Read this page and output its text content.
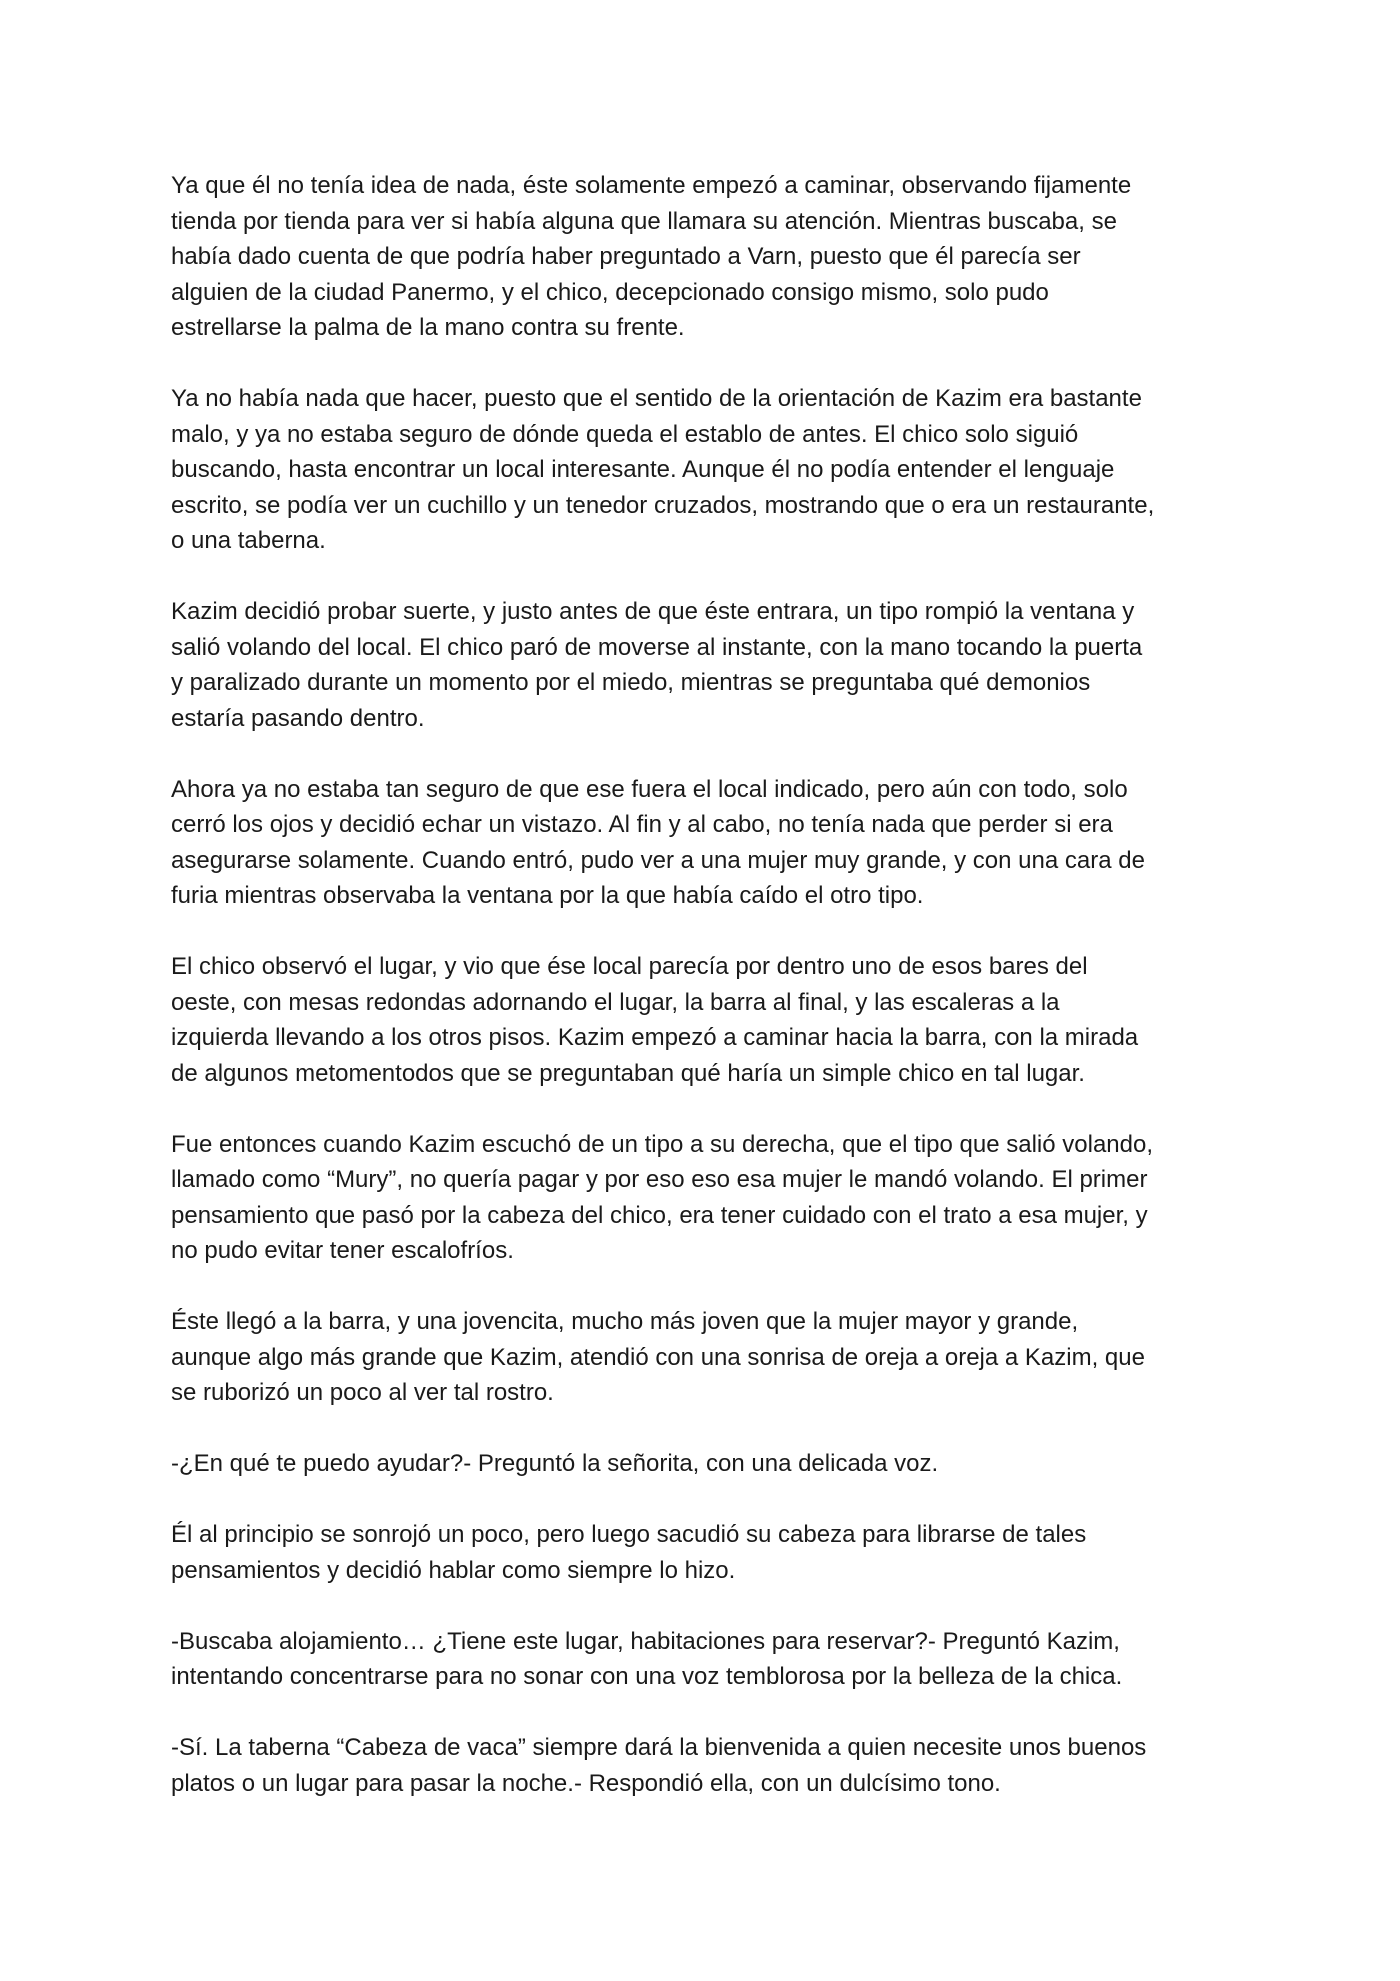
Ya que él no tenía idea de nada, éste solamente empezó a caminar, observando fijamente
tienda por tienda para ver si había alguna que llamara su atención. Mientras buscaba, se
había dado cuenta de que podría haber preguntado a Varn, puesto que él parecía ser
alguien de la ciudad Panermo, y el chico, decepcionado consigo mismo, solo pudo
estrellarse la palma de la mano contra su frente.
Ya no había nada que hacer, puesto que el sentido de la orientación de Kazim era bastante
malo, y ya no estaba seguro de dónde queda el establo de antes. El chico solo siguió
buscando, hasta encontrar un local interesante. Aunque él no podía entender el lenguaje
escrito, se podía ver un cuchillo y un tenedor cruzados, mostrando que o era un restaurante,
o una taberna.
Kazim decidió probar suerte, y justo antes de que éste entrara, un tipo rompió la ventana y
salió volando del local. El chico paró de moverse al instante, con la mano tocando la puerta
y paralizado durante un momento por el miedo, mientras se preguntaba qué demonios
estaría pasando dentro.
Ahora ya no estaba tan seguro de que ese fuera el local indicado, pero aún con todo, solo
cerró los ojos y decidió echar un vistazo. Al fin y al cabo, no tenía nada que perder si era
asegurarse solamente. Cuando entró, pudo ver a una mujer muy grande, y con una cara de
furia mientras observaba la ventana por la que había caído el otro tipo.
El chico observó el lugar, y vio que ése local parecía por dentro uno de esos bares del
oeste, con mesas redondas adornando el lugar, la barra al final, y las escaleras a la
izquierda llevando a los otros pisos. Kazim empezó a caminar hacia la barra, con la mirada
de algunos metomentodos que se preguntaban qué haría un simple chico en tal lugar.
Fue entonces cuando Kazim escuchó de un tipo a su derecha, que el tipo que salió volando,
llamado como “Mury”, no quería pagar y por eso eso esa mujer le mandó volando. El primer
pensamiento que pasó por la cabeza del chico, era tener cuidado con el trato a esa mujer, y
no pudo evitar tener escalofríos.
Éste llegó a la barra, y una jovencita, mucho más joven que la mujer mayor y grande,
aunque algo más grande que Kazim, atendió con una sonrisa de oreja a oreja a Kazim, que
se ruborizó un poco al ver tal rostro.
-¿En qué te puedo ayudar?- Preguntó la señorita, con una delicada voz.
Él al principio se sonrojó un poco, pero luego sacudió su cabeza para librarse de tales
pensamientos y decidió hablar como siempre lo hizo.
-Buscaba alojamiento… ¿Tiene este lugar, habitaciones para reservar?- Preguntó Kazim,
intentando concentrarse para no sonar con una voz temblorosa por la belleza de la chica.
-Sí. La taberna “Cabeza de vaca” siempre dará la bienvenida a quien necesite unos buenos
platos o un lugar para pasar la noche.- Respondió ella, con un dulcísimo tono.
